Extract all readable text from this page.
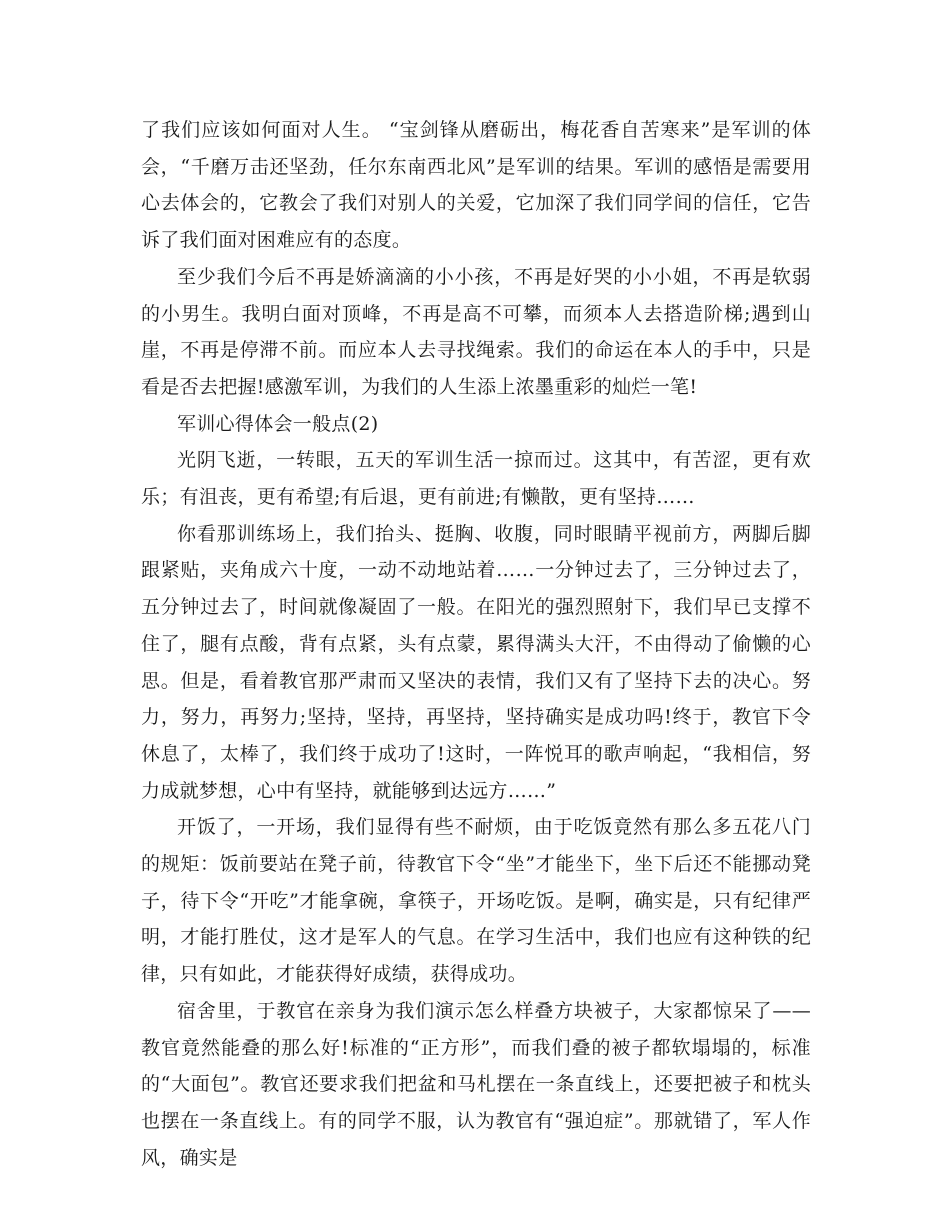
了我们应该如何面对人生。 “宝剑锋从磨砺出，梅花香自苦寒来”是军训的体会，“千磨万击还坚劲，任尔东南西北风”是军训的结果。军训的感悟是需要用心去体会的，它教会了我们对别人的关爱，它加深了我们同学间的信任，它告诉了我们面对困难应有的态度。

至少我们今后不再是娇滴滴的小小孩，不再是好哭的小小姐，不再是软弱的小男生。我明白面对顶峰，不再是高不可攀，而须本人去搭造阶梯;遇到山崖，不再是停滞不前。而应本人去寻找绳索。我们的命运在本人的手中，只是看是否去把握!感激军训，为我们的人生添上浓墨重彩的灿烂一笔!

军训心得体会一般点(2)

光阴飞逝，一转眼，五天的军训生活一掠而过。这其中，有苦涩，更有欢乐；有沮丧，更有希望;有后退，更有前进;有懒散，更有坚持……

你看那训练场上，我们抬头、挺胸、收腹，同时眼睛平视前方，两脚后脚跟紧贴，夹角成六十度，一动不动地站着……一分钟过去了，三分钟过去了，五分钟过去了，时间就像凝固了一般。在阳光的强烈照射下，我们早已支撑不住了，腿有点酸，背有点紧，头有点蒙，累得满头大汗，不由得动了偷懒的心思。但是，看着教官那严肃而又坚决的表情，我们又有了坚持下去的决心。努力，努力，再努力;坚持，坚持，再坚持，坚持确实是成功吗!终于，教官下令休息了，太棒了，我们终于成功了!这时，一阵悦耳的歌声响起，“我相信，努力成就梦想，心中有坚持，就能够到达远方……”

开饭了，一开场，我们显得有些不耐烦，由于吃饭竟然有那么多五花八门的规矩：饭前要站在凳子前，待教官下令“坐”才能坐下，坐下后还不能挪动凳子，待下令“开吃”才能拿碗，拿筷子，开场吃饭。是啊，确实是，只有纪律严明，才能打胜仗，这才是军人的气息。在学习生活中，我们也应有这种铁的纪律，只有如此，才能获得好成绩，获得成功。

宿舍里，于教官在亲身为我们演示怎么样叠方块被子，大家都惊呆了——教官竟然能叠的那么好!标准的“正方形”，而我们叠的被子都软塌塌的，标准的“大面包”。教官还要求我们把盆和马札摆在一条直线上，还要把被子和枕头也摆在一条直线上。有的同学不服，认为教官有“强迫症”。那就错了，军人作风，确实是
